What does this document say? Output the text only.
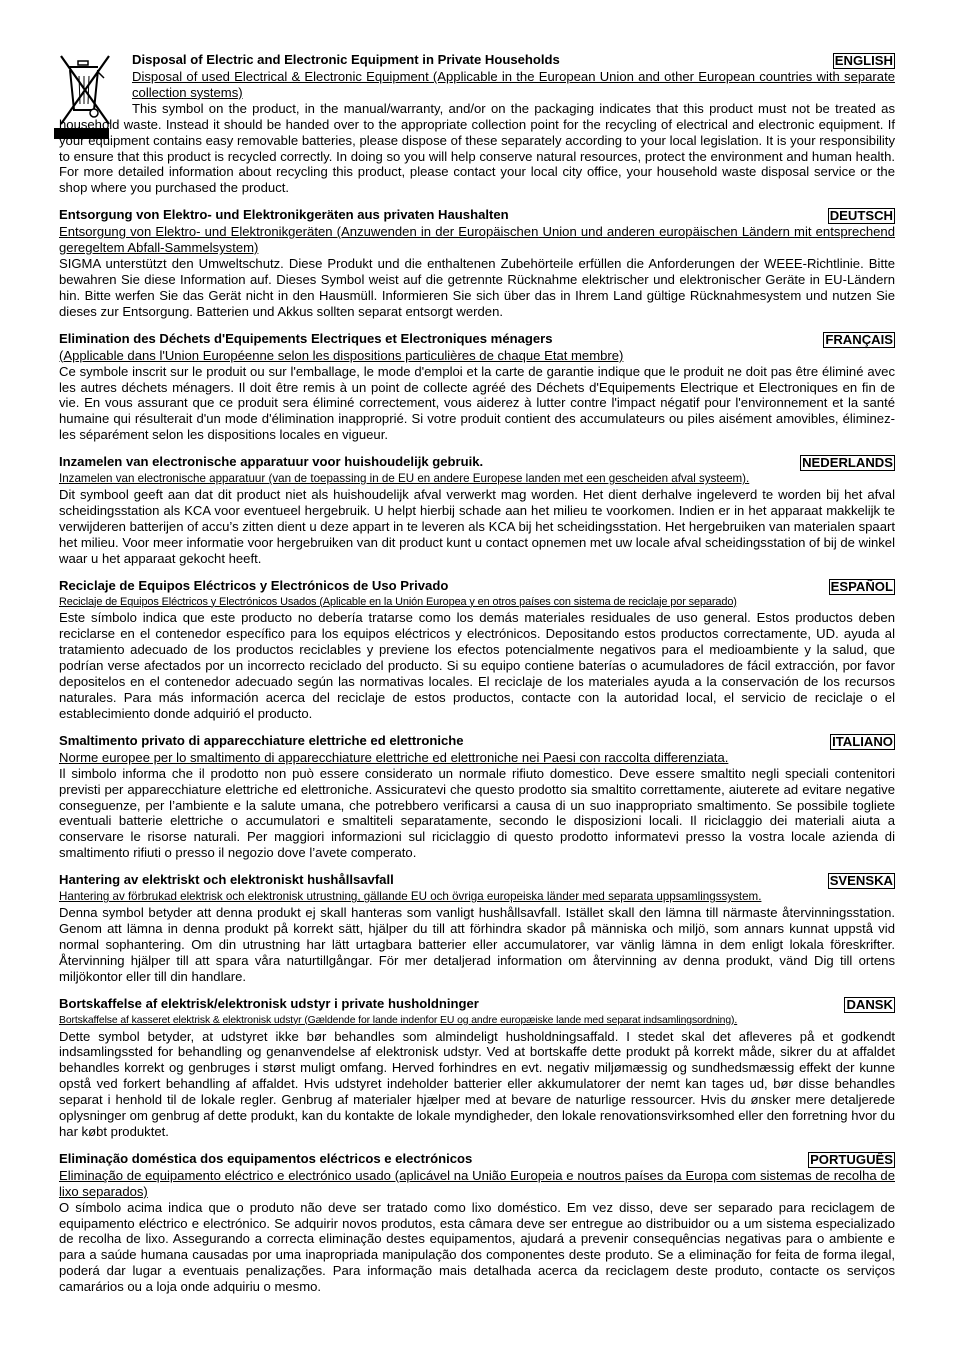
Disposal of Electric and Electronic Equipment in Private Households	ENGLISH
Disposal of used Electrical & Electronic Equipment (Applicable in the European Union and other European countries with separate collection systems)
This symbol on the product, in the manual/warranty, and/or on the packaging indicates that this product must not be treated as household waste. Instead it should be handed over to the appropriate collection point for the recycling of electrical and electronic equipment. If your equipment contains easy removable batteries, please dispose of these separately according to your local legislation. It is your responsibility to ensure that this product is recycled correctly. In doing so you will help conserve natural resources, protect the environment and human health. For more detailed information about recycling this product, please contact your local city office, your household waste disposal service or the shop where you purchased the product.
Entsorgung von Elektro- und Elektronikgeräten aus privaten Haushalten	DEUTSCH
Entsorgung von Elektro- und Elektronikgeräten (Anzuwenden in der Europäischen Union und anderen europäischen Ländern mit entsprechend geregeltem Abfall-Sammelsystem)
SIGMA unterstützt den Umweltschutz. Diese Produkt und die enthaltenen Zubehörteile erfüllen die Anforderungen der WEEE-Richtlinie. Bitte bewahren Sie diese Information auf. Dieses Symbol weist auf die getrennte Rücknahme elektrischer und elektronischer Geräte in EU-Ländern hin. Bitte werfen Sie das Gerät nicht in den Hausmüll. Informieren Sie sich über das in Ihrem Land gültige Rücknahmesystem und nutzen Sie dieses zur Entsorgung. Batterien und Akkus sollten separat entsorgt werden.
Elimination des Déchets d'Equipements Electriques et Electroniques ménagers	FRANÇAIS
(Applicable dans l'Union Européenne selon les dispositions particulières de chaque Etat membre)
Ce symbole inscrit sur le produit ou sur l'emballage, le mode d'emploi et la carte de garantie indique que le produit ne doit pas être éliminé avec les autres déchets ménagers. Il doit être remis à un point de collecte agréé des Déchets d'Equipements Electrique et Electroniques en fin de vie. En vous assurant que ce produit sera éliminé correctement, vous aiderez à lutter contre l'impact négatif pour l'environnement et la santé humaine qui résulterait d'un mode d'élimination inapproprié. Si votre produit contient des accumulateurs ou piles aisément amovibles, éliminez-les séparément selon les dispositions locales en vigueur.
Inzamelen van electronische apparatuur voor huishoudelijk gebruik.	NEDERLANDS
Inzamelen van electronische apparatuur (van de toepassing in de EU en andere Europese landen met een gescheiden afval systeem).
Dit symbool geeft aan dat dit product niet als huishoudelijk afval verwerkt mag worden. Het dient derhalve ingeleverd te worden bij het afval scheidingsstation als KCA voor eventueel hergebruik. U helpt hierbij schade aan het milieu te voorkomen. Indien er in het apparaat makkelijk te verwijderen batterijen of accu’s zitten dient u deze appart in te leveren als KCA bij het scheidingsstation. Het hergebruiken van materialen spaart het milieu. Voor meer informatie voor hergebruiken van dit product kunt u contact opnemen met uw locale afval scheidingsstation of bij de winkel waar u het apparaat gekocht heeft.
Reciclaje de Equipos Eléctricos y Electrónicos de Uso Privado	ESPAÑOL
Reciclaje de Equipos Eléctricos y Electrónicos Usados (Aplicable en la Unión Europea y en otros países con sistema de reciclaje por separado)
Este símbolo indica que este producto no debería tratarse como los demás materiales residuales de uso general. Estos productos deben reciclarse en el contenedor específico para los equipos eléctricos y electrónicos. Depositando estos productos correctamente, UD. ayuda al tratamiento adecuado de los productos reciclables y previene los efectos potencialmente negativos para el medioambiente y la salud, que podrían verse afectados por un incorrecto reciclado del producto. Si su equipo contiene baterías o acumuladores de fácil extracción, por favor depositelos en el contenedor adecuado según las normativas locales. El reciclaje de los materiales ayuda a la conservación de los recursos naturales. Para más información acerca del reciclaje de estos productos, contacte con la autoridad local, el servicio de reciclaje o el establecimiento donde adquirió el producto.
Smaltimento privato di apparecchiature elettriche ed elettroniche	ITALIANO
Norme europee per lo smaltimento di apparecchiature elettriche ed elettroniche nei Paesi con raccolta differenziata.
Il simbolo informa che il prodotto non può essere considerato un normale rifiuto domestico. Deve essere smaltito negli speciali contenitori previsti per apparecchiature elettriche ed elettroniche. Assicuratevi che questo prodotto sia smaltito correttamente, aiuterete ad evitare negative conseguenze, per l’ambiente e la salute umana, che potrebbero verificarsi a causa di un suo inappropriato smaltimento. Se possibile togliete eventuali batterie elettriche o accumulatori e smaltiteli separatamente, secondo le disposizioni locali. Il riciclaggio dei materiali aiuta a conservare le risorse naturali. Per maggiori informazioni sul riciclaggio di questo prodotto informatevi presso la vostra locale azienda di smaltimento rifiuti o presso il negozio dove l’avete comperato.
Hantering av elektriskt och elektroniskt hushållsavfall	SVENSKA
Hantering av förbrukad elektrisk och elektronisk utrustning, gällande EU och övriga europeiska länder med separata uppsamlingssystem.
Denna symbol betyder att denna produkt ej skall hanteras som vanligt hushållsavfall. Istället skall den lämna till närmaste återvinningsstation. Genom att lämna in denna produkt på korrekt sätt, hjälper du till att förhindra skador på människa och miljö, som annars kunnat uppstå vid normal sophantering. Om din utrustning har lätt urtagbara batterier eller accumulatorer, var vänlig lämna in dem enligt lokala föreskrifter. Återvinning hjälper till att spara våra naturtillgångar. För mer detaljerad information om återvinning av denna produkt, vänd Dig till ortens miljökontor eller till din handlare.
Bortskaffelse af elektrisk/elektronisk udstyr i private husholdninger	DANSK
Bortskaffelse af kasseret elektrisk & elektronisk udstyr (Gældende for lande indenfor EU og andre europæiske lande med separat indsamlingsordning).
Dette symbol betyder, at udstyret ikke bør behandles som almindeligt husholdningsaffald. I stedet skal det afleveres på et godkendt indsamlingssted for behandling og genanvendelse af elektronisk udstyr. Ved at bortskaffe dette produkt på korrekt måde, sikrer du at affaldet behandles korrekt og genbruges i størst muligt omfang. Herved forhindres en evt. negativ miljømæssig og sundhedsmæssig effekt der kunne opstå ved forkert behandling af affaldet. Hvis udstyret indeholder batterier eller akkumulatorer der nemt kan tages ud, bør disse behandles separat i henhold til de lokale regler. Genbrug af materialer hjælper med at bevare de naturlige ressourcer. Hvis du ønsker mere detaljerede oplysninger om genbrug af dette produkt, kan du kontakte de lokale myndigheder, den lokale renovationsvirksomhed eller den forretning hvor du har købt produktet.
Eliminação doméstica dos equipamentos eléctricos e electrónicos	PORTUGUÊS
Eliminação de equipamento eléctrico e electrónico usado (aplicável na União Europeia e noutros países da Europa com sistemas de recolha de lixo separados)
O símbolo acima indica que o produto não deve ser tratado como lixo doméstico. Em vez disso, deve ser separado para reciclagem de equipamento eléctrico e electrónico. Se adquirir novos produtos, esta câmara deve ser entregue ao distribuidor ou a um sistema especializado de recolha de lixo. Assegurando a correcta eliminação destes equipamentos, ajudará a prevenir consequências negativas para o ambiente e para a saúde humana causadas por uma inapropriada manipulação dos componentes deste produto. Se a eliminação for feita de forma ilegal, poderá dar lugar a eventuais penalizações. Para informação mais detalhada acerca da reciclagem deste produto, contacte os serviços camarários ou a loja onde adquiriu o mesmo.
